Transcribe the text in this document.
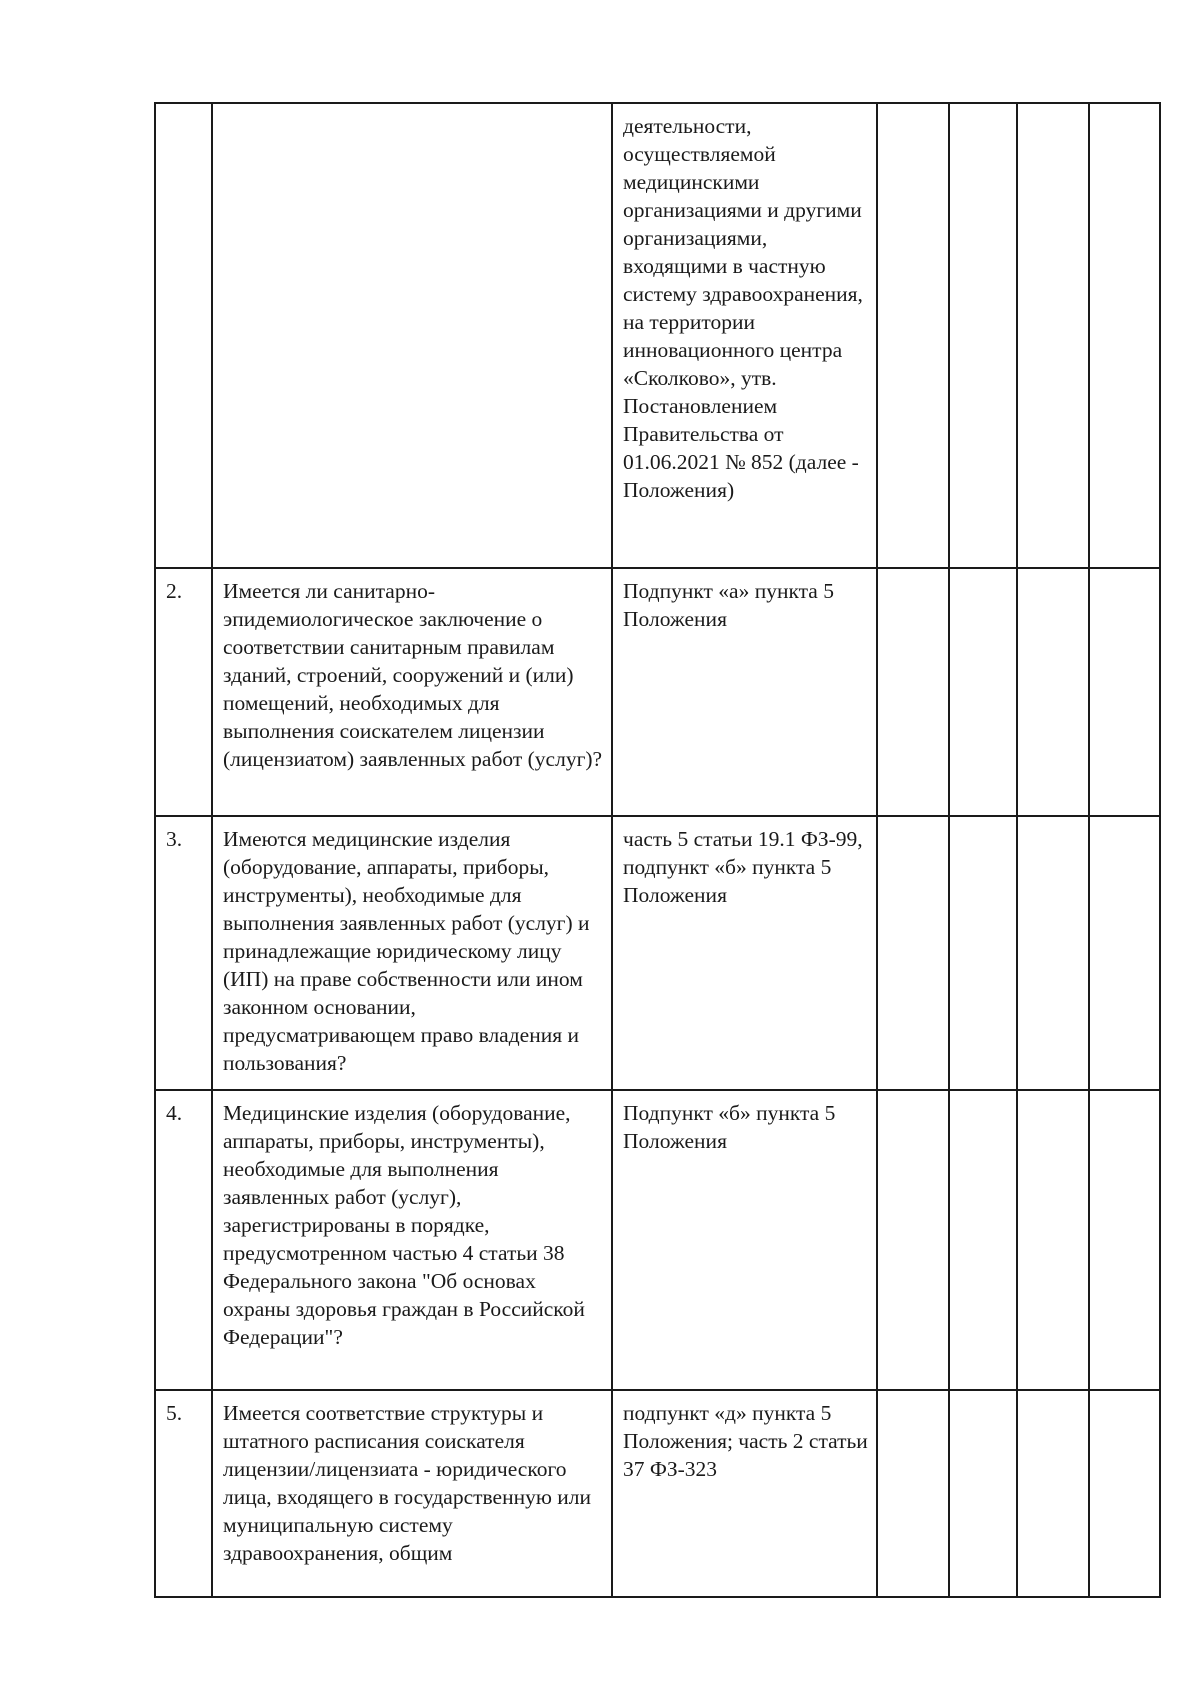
		деятельности, осуществляемой медицинскими организациями и другими организациями, входящими в частную систему здравоохранения, на территории инновационного центра «Сколково», утв. Постановлением Правительства от 01.06.2021 № 852 (далее - Положения)				
2.	Имеется ли санитарно-эпидемиологическое заключение о соответствии санитарным правилам зданий, строений, сооружений и (или) помещений, необходимых для выполнения соискателем лицензии (лицензиатом) заявленных работ (услуг)?	Подпункт «а» пункта 5 Положения				
3.	Имеются медицинские изделия (оборудование, аппараты, приборы, инструменты), необходимые для выполнения заявленных работ (услуг) и принадлежащие юридическому лицу (ИП) на праве собственности или ином законном основании, предусматривающем право владения и пользования?	часть 5 статьи 19.1 ФЗ-99, подпункт «б» пункта 5 Положения				
4.	Медицинские изделия (оборудование, аппараты, приборы, инструменты), необходимые для выполнения заявленных работ (услуг), зарегистрированы в порядке, предусмотренном частью 4 статьи 38 Федерального закона "Об основах охраны здоровья граждан в Российской Федерации"?	Подпункт «б» пункта 5 Положения				
5.	Имеется соответствие структуры и штатного расписания соискателя лицензии/лицензиата - юридического лица, входящего в государственную или муниципальную систему здравоохранения, общим	подпункт «д» пункта 5 Положения; часть 2 статьи 37 ФЗ-323				
